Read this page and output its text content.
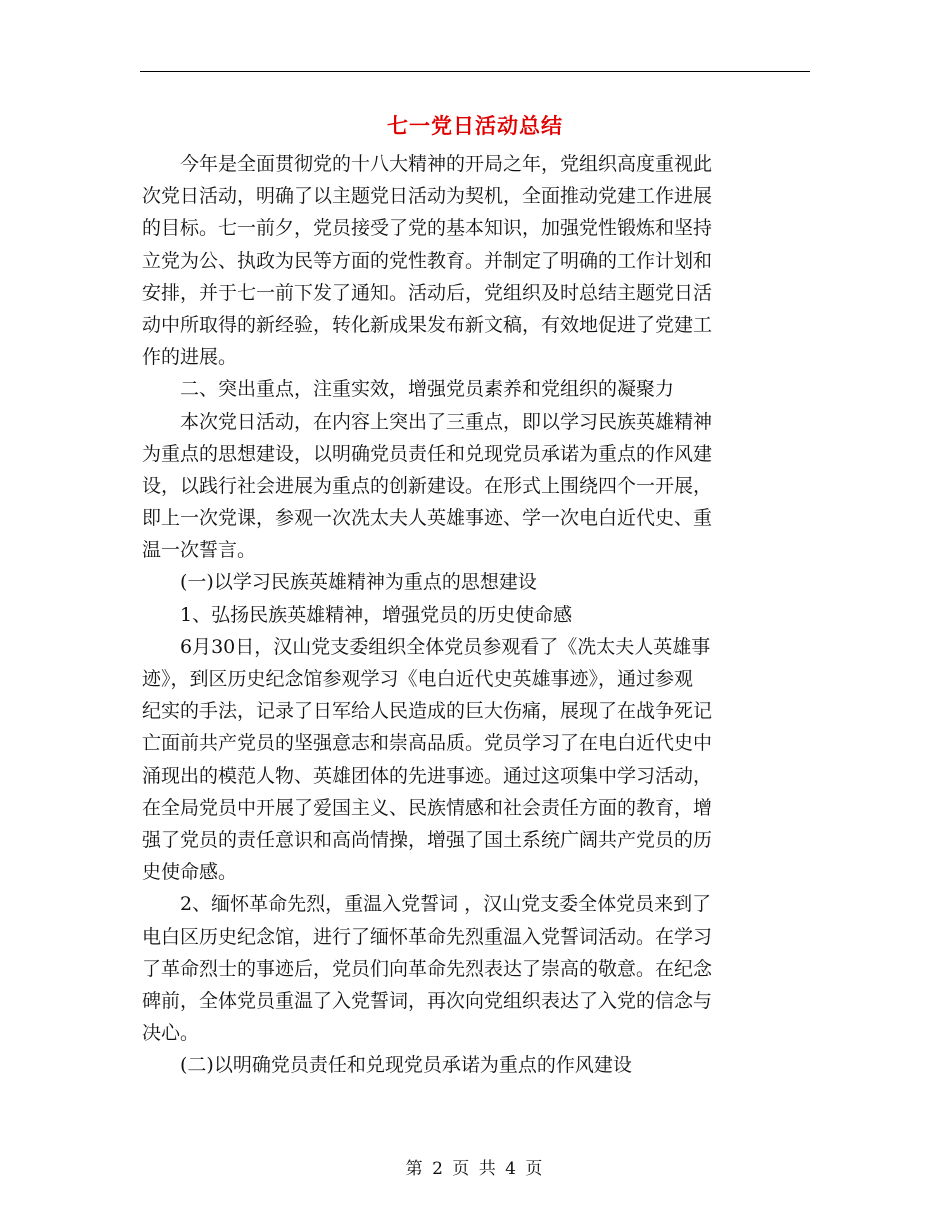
七一党日活动总结
　　今年是全面贯彻党的十八大精神的开局之年，党组织高度重视此
次党日活动，明确了以主题党日活动为契机，全面推动党建工作进展
的目标。七一前夕，党员接受了党的基本知识，加强党性锻炼和坚持
立党为公、执政为民等方面的党性教育。并制定了明确的工作计划和
安排，并于七一前下发了通知。活动后，党组织及时总结主题党日活
动中所取得的新经验，转化新成果发布新文稿，有效地促进了党建工
作的进展。
　　二、突出重点，注重实效，增强党员素养和党组织的凝聚力
　　本次党日活动，在内容上突出了三重点，即以学习民族英雄精神
为重点的思想建设，以明确党员责任和兑现党员承诺为重点的作风建
设，以践行社会进展为重点的创新建设。在形式上围绕四个一开展，
即上一次党课，参观一次冼太夫人英雄事迹、学一次电白近代史、重
温一次誓言。
　　(一)以学习民族英雄精神为重点的思想建设
　　1、弘扬民族英雄精神，增强党员的历史使命感
　　6月30日，汉山党支委组织全体党员参观看了《冼太夫人英雄事
迹》，到区历史纪念馆参观学习《电白近代史英雄事迹》，通过参观
纪实的手法，记录了日军给人民造成的巨大伤痛，展现了在战争死记
亡面前共产党员的坚强意志和崇高品质。党员学习了在电白近代史中
涌现出的模范人物、英雄团体的先进事迹。通过这项集中学习活动，
在全局党员中开展了爱国主义、民族情感和社会责任方面的教育，增
强了党员的责任意识和高尚情操，增强了国土系统广阔共产党员的历
史使命感。
　　2、缅怀革命先烈，重温入党誓词 ，汉山党支委全体党员来到了
电白区历史纪念馆，进行了缅怀革命先烈重温入党誓词活动。在学习
了革命烈士的事迹后，党员们向革命先烈表达了崇高的敬意。在纪念
碑前，全体党员重温了入党誓词，再次向党组织表达了入党的信念与
决心。
　　(二)以明确党员责任和兑现党员承诺为重点的作风建设
第 2 页 共 4 页
